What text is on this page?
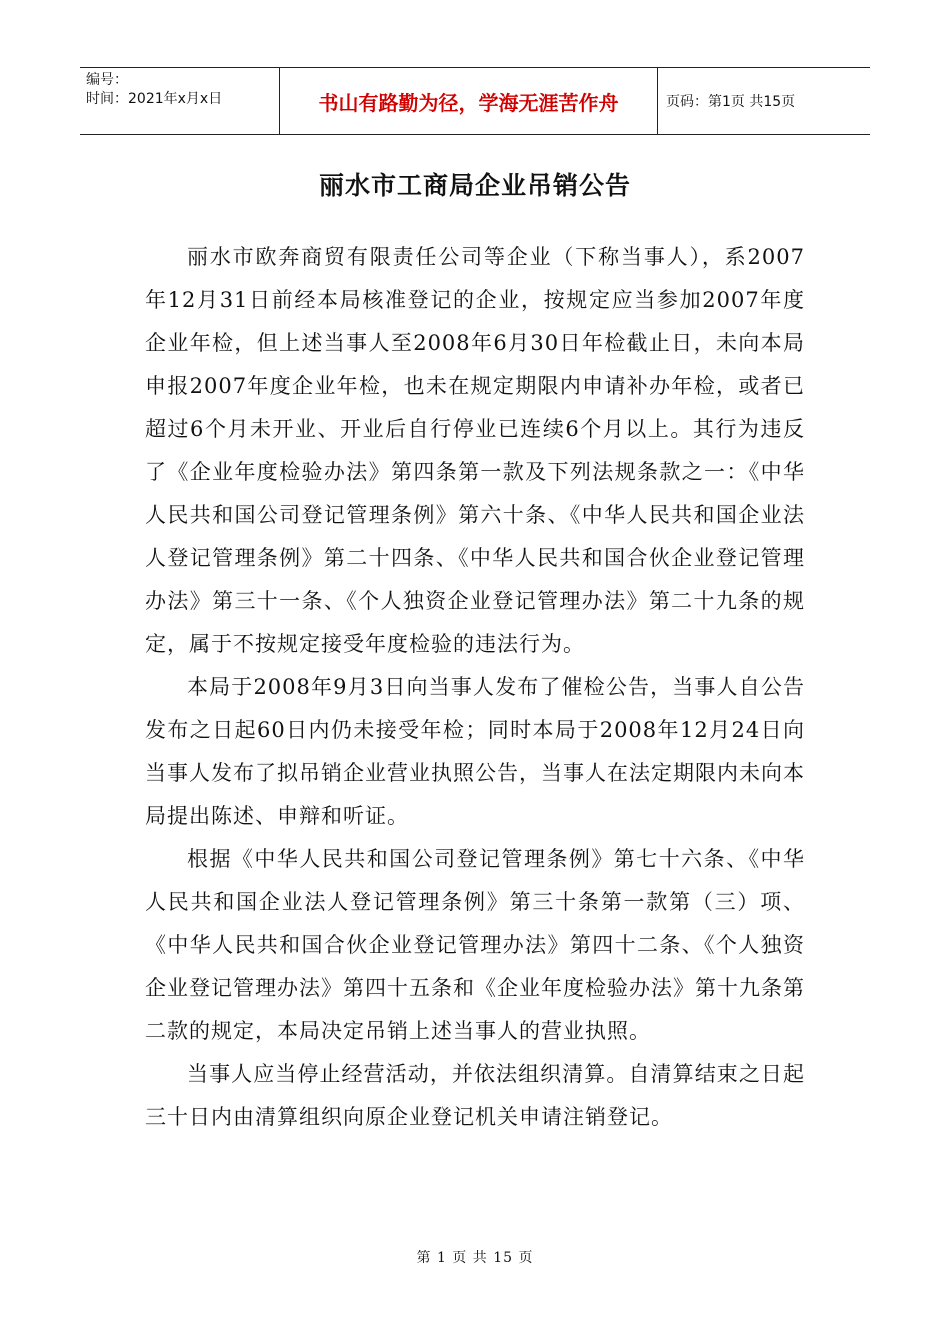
编号：
时间：2021年x月x日	书山有路勤为径，学海无涯苦作舟	页码：第1页 共15页
丽水市工商局企业吊销公告

丽水市欧奔商贸有限责任公司等企业（下称当事人），系2007年12月31日前经本局核准登记的企业，按规定应当参加2007年度企业年检，但上述当事人至2008年6月30日年检截止日，未向本局申报2007年度企业年检，也未在规定期限内申请补办年检，或者已超过6个月未开业、开业后自行停业已连续6个月以上。其行为违反了《企业年度检验办法》第四条第一款及下列法规条款之一：《中华人民共和国公司登记管理条例》第六十条、《中华人民共和国企业法人登记管理条例》第二十四条、《中华人民共和国合伙企业登记管理办法》第三十一条、《个人独资企业登记管理办法》第二十九条的规定，属于不按规定接受年度检验的违法行为。

本局于2008年9月3日向当事人发布了催检公告，当事人自公告发布之日起60日内仍未接受年检；同时本局于2008年12月24日向当事人发布了拟吊销企业营业执照公告，当事人在法定期限内未向本局提出陈述、申辩和听证。

根据《中华人民共和国公司登记管理条例》第七十六条、《中华人民共和国企业法人登记管理条例》第三十条第一款第（三）项、《中华人民共和国合伙企业登记管理办法》第四十二条、《个人独资企业登记管理办法》第四十五条和《企业年度检验办法》第十九条第二款的规定，本局决定吊销上述当事人的营业执照。

当事人应当停止经营活动，并依法组织清算。自清算结束之日起三十日内由清算组织向原企业登记机关申请注销登记。

第 1 页 共 15 页
